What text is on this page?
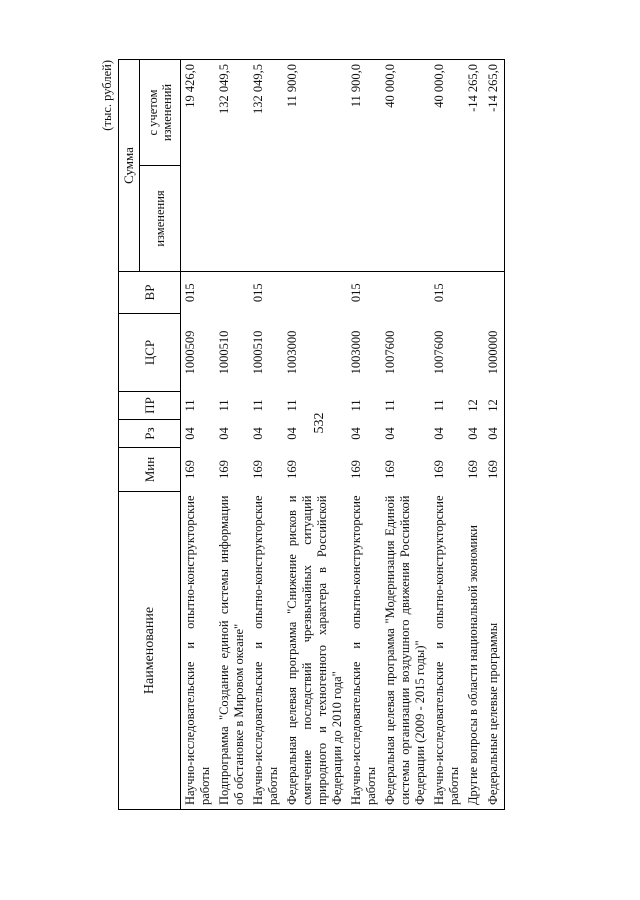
532
(тыс. рублей)
Наименование	Мин	Рз	ПР	ЦСР	ВР	Сумма	
						изменения	с учетом изменений
Научно-исследовательские и опытно-конструкторские работы	169	04	11	1000509	015		19 426,0
Подпрограмма "Создание единой системы информации об обстановке в Мировом океане"	169	04	11	1000510			132 049,5
Научно-исследовательские и опытно-конструкторские работы	169	04	11	1000510	015		132 049,5
Федеральная целевая программа "Снижение рисков и смягчение последствий чрезвычайных ситуаций природного и техногенного характера в Российской Федерации до 2010 года"	169	04	11	1003000			11 900,0
Научно-исследовательские и опытно-конструкторские работы	169	04	11	1003000	015		11 900,0
Федеральная целевая программа "Модернизация Единой системы организации воздушного движения Российской Федерации (2009 - 2015 годы)"	169	04	11	1007600			40 000,0
Научно-исследовательские и опытно-конструкторские работы	169	04	11	1007600	015		40 000,0
Другие вопросы в области национальной экономики	169	04	12				-14 265,0
Федеральные целевые программы	169	04	12	1000000			-14 265,0
